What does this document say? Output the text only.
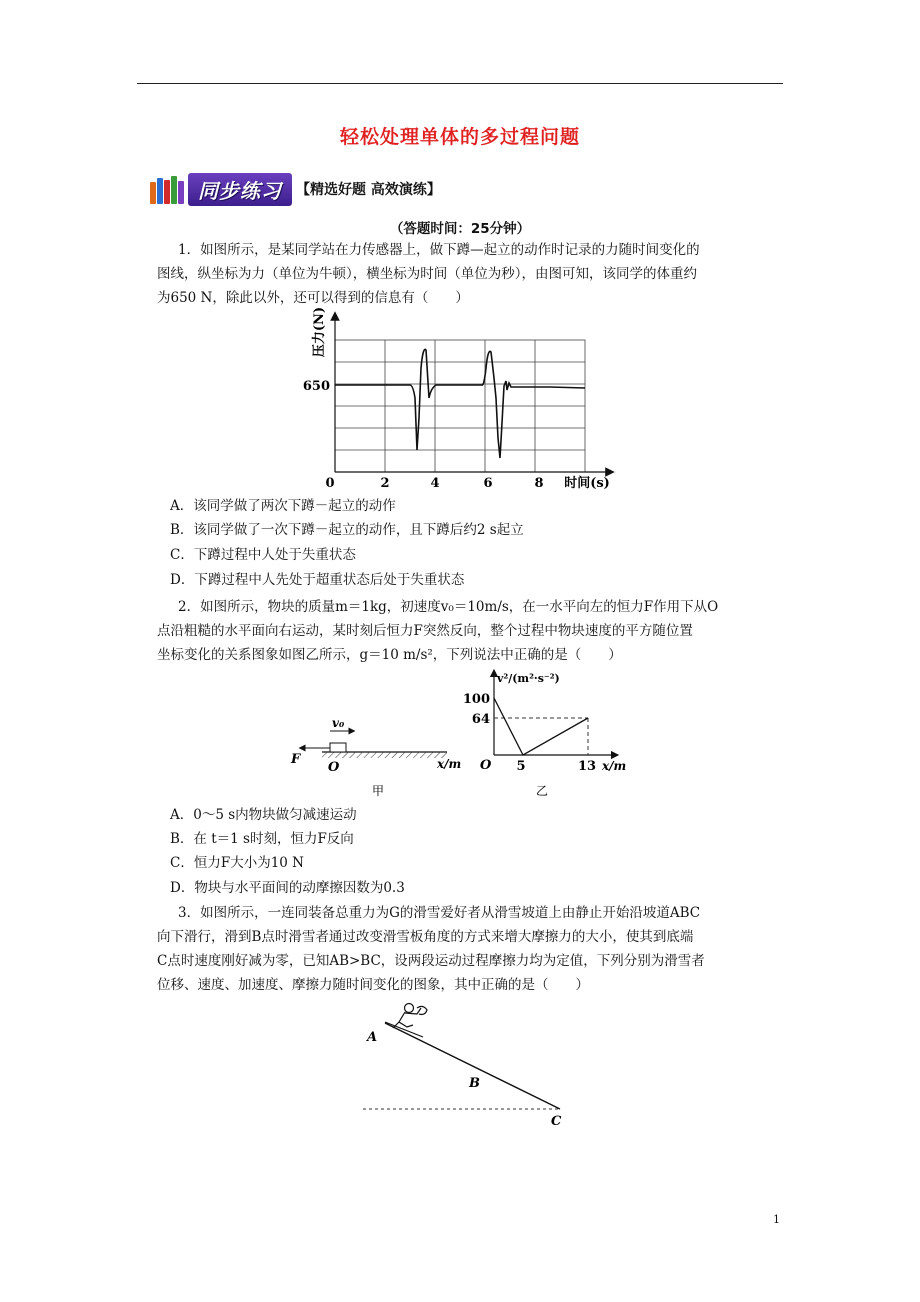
轻松处理单体的多过程问题
同步练习	【精选好题 高效演练】
（答题时间：25分钟）
1．如图所示，是某同学站在力传感器上，做下蹲—起立的动作时记录的力随时间变化的
图线，纵坐标为力（单位为牛顿），横坐标为时间（单位为秒），由图可知，该同学的体重约
为650 N，除此以外，还可以得到的信息有（　　）
压力(N)
650
0	2	4	6	8 时间(s)
A．该同学做了两次下蹲－起立的动作
B．该同学做了一次下蹲－起立的动作，且下蹲后约2 s起立
C．下蹲过程中人处于失重状态
D．下蹲过程中人先处于超重状态后处于失重状态
2．如图所示，物块的质量m＝1kg，初速度v₀＝10m/s，在一水平向左的恒力F作用下从O
点沿粗糙的水平面向右运动，某时刻后恒力F突然反向，整个过程中物块速度的平方随位置
坐标变化的关系图象如图乙所示，g＝10 m/s²，下列说法中正确的是（　　）
v₀
F
O	x/m
甲
v²/(m²·s⁻²)
100
64
O 5	13 x/m
乙
A．0～5 s内物块做匀减速运动
B．在 t＝1 s时刻，恒力F反向
C．恒力F大小为10 N
D．物块与水平面间的动摩擦因数为0.3
3．如图所示，一连同装备总重力为G的滑雪爱好者从滑雪坡道上由静止开始沿坡道ABC
向下滑行，滑到B点时滑雪者通过改变滑雪板角度的方式来增大摩擦力的大小，使其到底端
C点时速度刚好减为零，已知AB>BC，设两段运动过程摩擦力均为定值，下列分别为滑雪者
位移、速度、加速度、摩擦力随时间变化的图象，其中正确的是（　　）
A
B
C
1
